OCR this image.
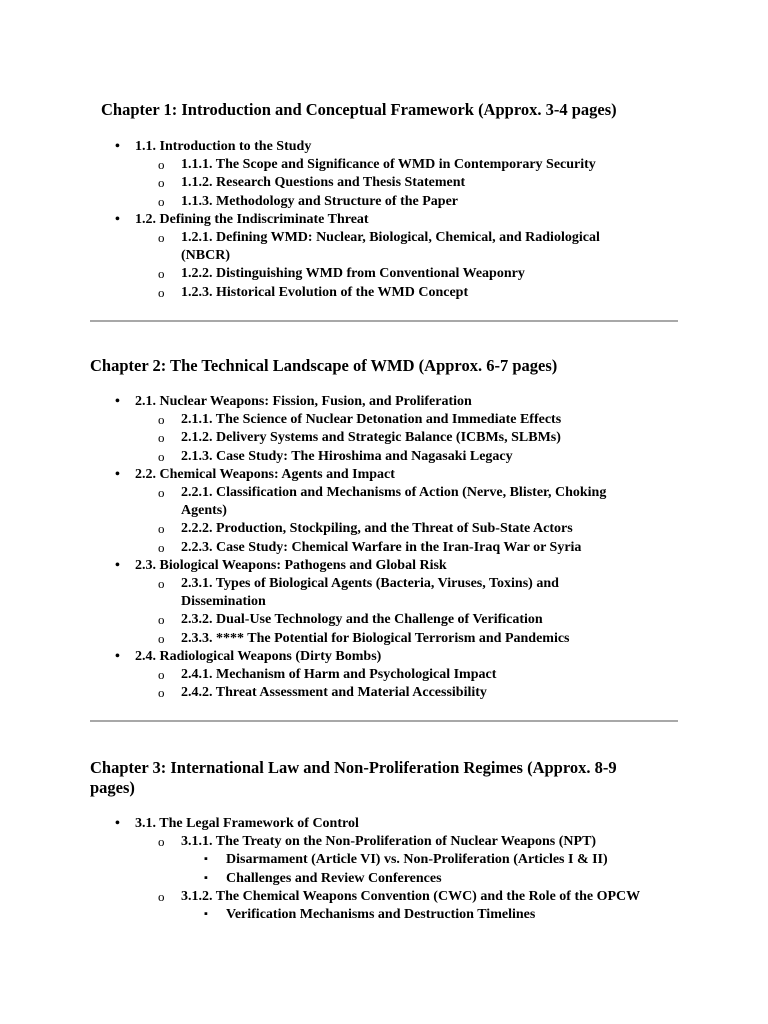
Chapter 1: Introduction and Conceptual Framework (Approx. 3-4 pages)
• 1.1. Introduction to the Study
o 1.1.1. The Scope and Significance of WMD in Contemporary Security
o 1.1.2. Research Questions and Thesis Statement
o 1.1.3. Methodology and Structure of the Paper
• 1.2. Defining the Indiscriminate Threat
o 1.2.1. Defining WMD: Nuclear, Biological, Chemical, and Radiological (NBCR)
o 1.2.2. Distinguishing WMD from Conventional Weaponry
o 1.2.3. Historical Evolution of the WMD Concept
Chapter 2: The Technical Landscape of WMD (Approx. 6-7 pages)
• 2.1. Nuclear Weapons: Fission, Fusion, and Proliferation
o 2.1.1. The Science of Nuclear Detonation and Immediate Effects
o 2.1.2. Delivery Systems and Strategic Balance (ICBMs, SLBMs)
o 2.1.3. Case Study: The Hiroshima and Nagasaki Legacy
• 2.2. Chemical Weapons: Agents and Impact
o 2.2.1. Classification and Mechanisms of Action (Nerve, Blister, Choking Agents)
o 2.2.2. Production, Stockpiling, and the Threat of Sub-State Actors
o 2.2.3. Case Study: Chemical Warfare in the Iran-Iraq War or Syria
• 2.3. Biological Weapons: Pathogens and Global Risk
o 2.3.1. Types of Biological Agents (Bacteria, Viruses, Toxins) and Dissemination
o 2.3.2. Dual-Use Technology and the Challenge of Verification
o 2.3.3. **** The Potential for Biological Terrorism and Pandemics
• 2.4. Radiological Weapons (Dirty Bombs)
o 2.4.1. Mechanism of Harm and Psychological Impact
o 2.4.2. Threat Assessment and Material Accessibility
Chapter 3: International Law and Non-Proliferation Regimes (Approx. 8-9 pages)
• 3.1. The Legal Framework of Control
o 3.1.1. The Treaty on the Non-Proliferation of Nuclear Weapons (NPT)
▪ Disarmament (Article VI) vs. Non-Proliferation (Articles I & II)
▪ Challenges and Review Conferences
o 3.1.2. The Chemical Weapons Convention (CWC) and the Role of the OPCW
▪ Verification Mechanisms and Destruction Timelines
